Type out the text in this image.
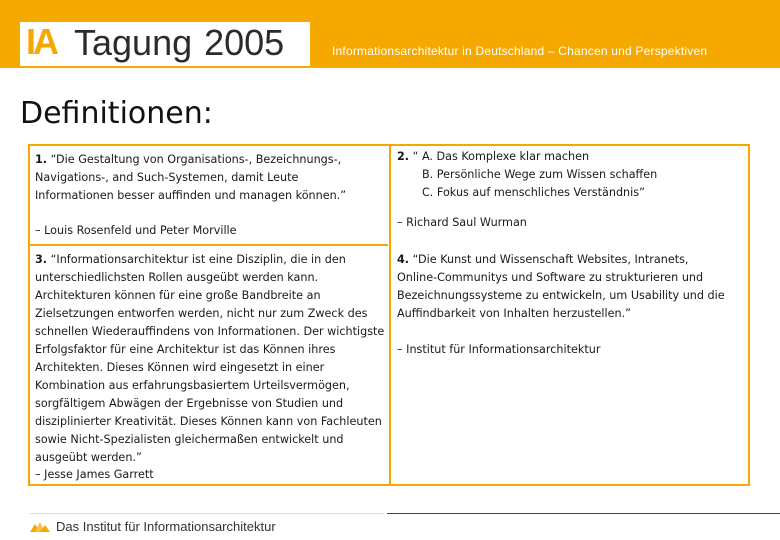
IA Tagung 2005	Informationsarchitektur in Deutschland – Chancen und Perspektiven
Definitionen:
1. “Die Gestaltung von Organisations-, Bezeichnungs-, Navigations-, and Such-Systemen, damit Leute Informationen besser auffinden und managen können.”
– Louis Rosenfeld und Peter Morville
2. “ A. Das Komplexe klar machen
B. Persönliche Wege zum Wissen schaffen
C. Fokus auf menschliches Verständnis”
– Richard Saul Wurman
3. “Informationsarchitektur ist eine Disziplin, die in den unterschiedlichsten Rollen ausgeübt werden kann. Architekturen können für eine große Bandbreite an Zielsetzungen entworfen werden, nicht nur zum Zweck des schnellen Wiederauffindens von Informationen. Der wichtigste Erfolgsfaktor für eine Architektur ist das Können ihres Architekten. Dieses Können wird eingesetzt in einer Kombination aus erfahrungsbasiertem Urteilsvermögen, sorgfältigem Abwägen der Ergebnisse von Studien und disziplinierter Kreativität. Dieses Können kann von Fachleuten sowie Nicht-Spezialisten gleichermaßen entwickelt und ausgeübt werden.”
– Jesse James Garrett
4. “Die Kunst und Wissenschaft Websites, Intranets, Online-Communitys und Software zu strukturieren und Bezeichnungssysteme zu entwickeln, um Usability und die Auffindbarkeit von Inhalten herzustellen.”
– Institut für Informationsarchitektur
Das Institut für Informationsarchitektur
